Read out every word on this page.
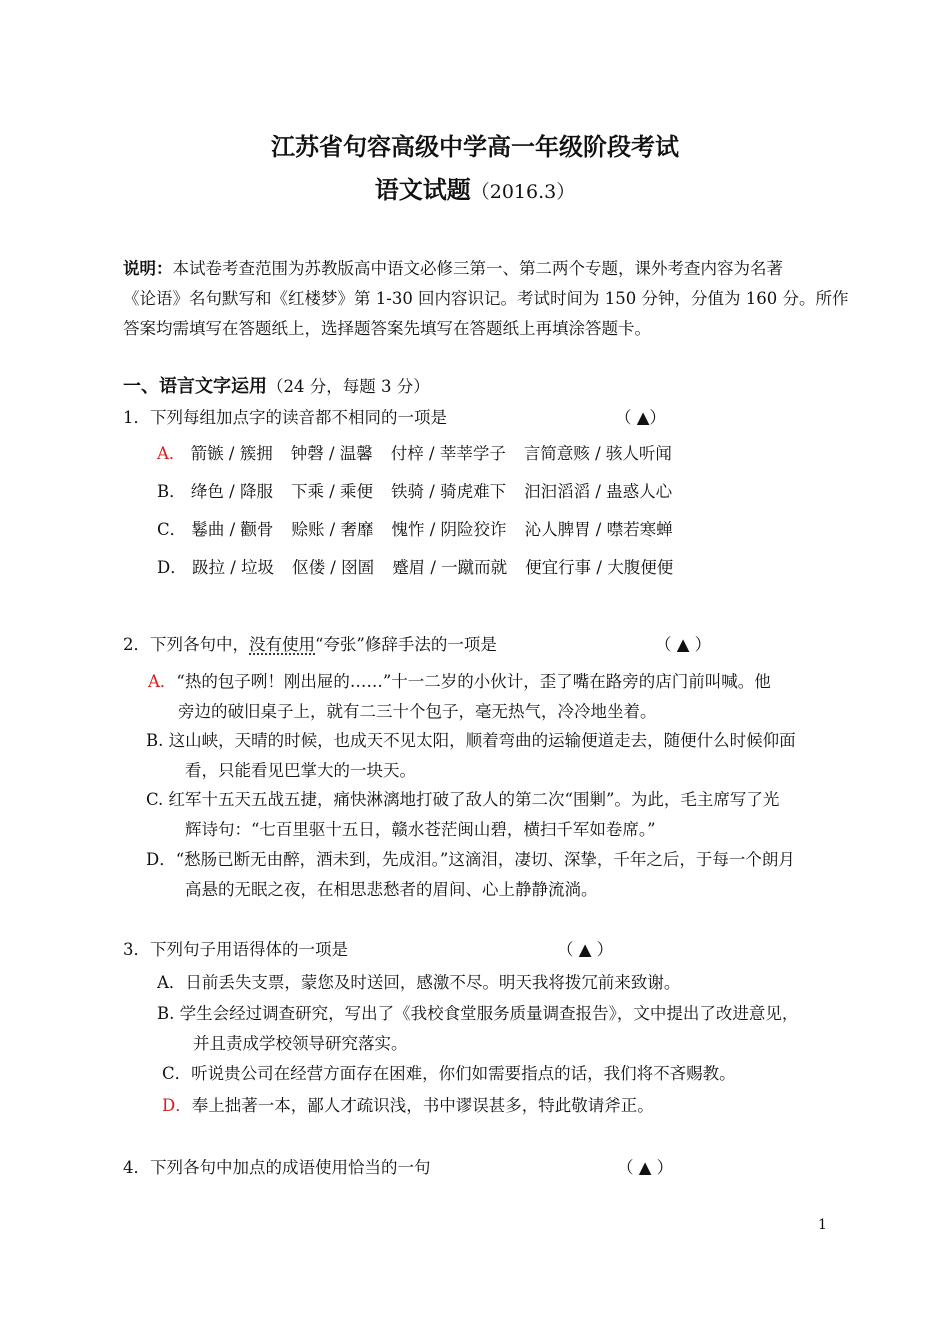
江苏省句容高级中学高一年级阶段考试
语文试题（2016.3）
说明：本试卷考查范围为苏教版高中语文必修三第一、第二两个专题，课外考查内容为名著
《论语》名句默写和《红楼梦》第 1-30 回内容识记。考试时间为 150 分钟，分值为 160 分。所作
答案均需填写在答题纸上，选择题答案先填写在答题纸上再填涂答题卡。
一、语言文字运用（24 分，每题 3 分）
1．下列每组加点字的读音都不相同的一项是	（ ▲）
A． 箭镞 / 簇拥 钟磬 / 温馨 付梓 / 莘莘学子 言简意赅 / 骇人听闻
B． 绛色 / 降服 下乘 / 乘便 铁骑 / 骑虎难下 汩汩滔滔 / 蛊惑人心
C． 鬈曲 / 颧骨 赊账 / 奢靡 愧怍 / 阴险狡诈 沁人脾胃 / 噤若寒蝉
D． 趿拉 / 垃圾 伛偻 / 囹圄 蹙眉 / 一蹴而就 便宜行事 / 大腹便便
2．下列各句中，没有使用“夸张”修辞手法的一项是	（ ▲ ）
A．“热的包子咧！刚出屉的……”十一二岁的小伙计，歪了嘴在路旁的店门前叫喊。他
旁边的破旧桌子上，就有二三十个包子，毫无热气，冷冷地坐着。
B. 这山峡，天晴的时候，也成天不见太阳，顺着弯曲的运输便道走去，随便什么时候仰面
看，只能看见巴掌大的一块天。
C. 红军十五天五战五捷，痛快淋漓地打破了敌人的第二次“围剿”。为此，毛主席写了光
辉诗句：“七百里驱十五日，赣水苍茫闽山碧，横扫千军如卷席。”
D．“愁肠已断无由醉，酒未到，先成泪。”这滴泪，凄切、深挚，千年之后，于每一个朗月
高悬的无眠之夜，在相思悲愁者的眉间、心上静静流淌。
3．下列句子用语得体的一项是	（ ▲ ）
A．日前丢失支票，蒙您及时送回，感激不尽。明天我将拨冗前来致谢。
B. 学生会经过调查研究，写出了《我校食堂服务质量调查报告》，文中提出了改进意见，
并且责成学校领导研究落实。
C．听说贵公司在经营方面存在困难，你们如需要指点的话，我们将不吝赐教。
D．奉上拙著一本，鄙人才疏识浅，书中谬误甚多，特此敬请斧正。
4．下列各句中加点的成语使用恰当的一句	（ ▲ ）
1
